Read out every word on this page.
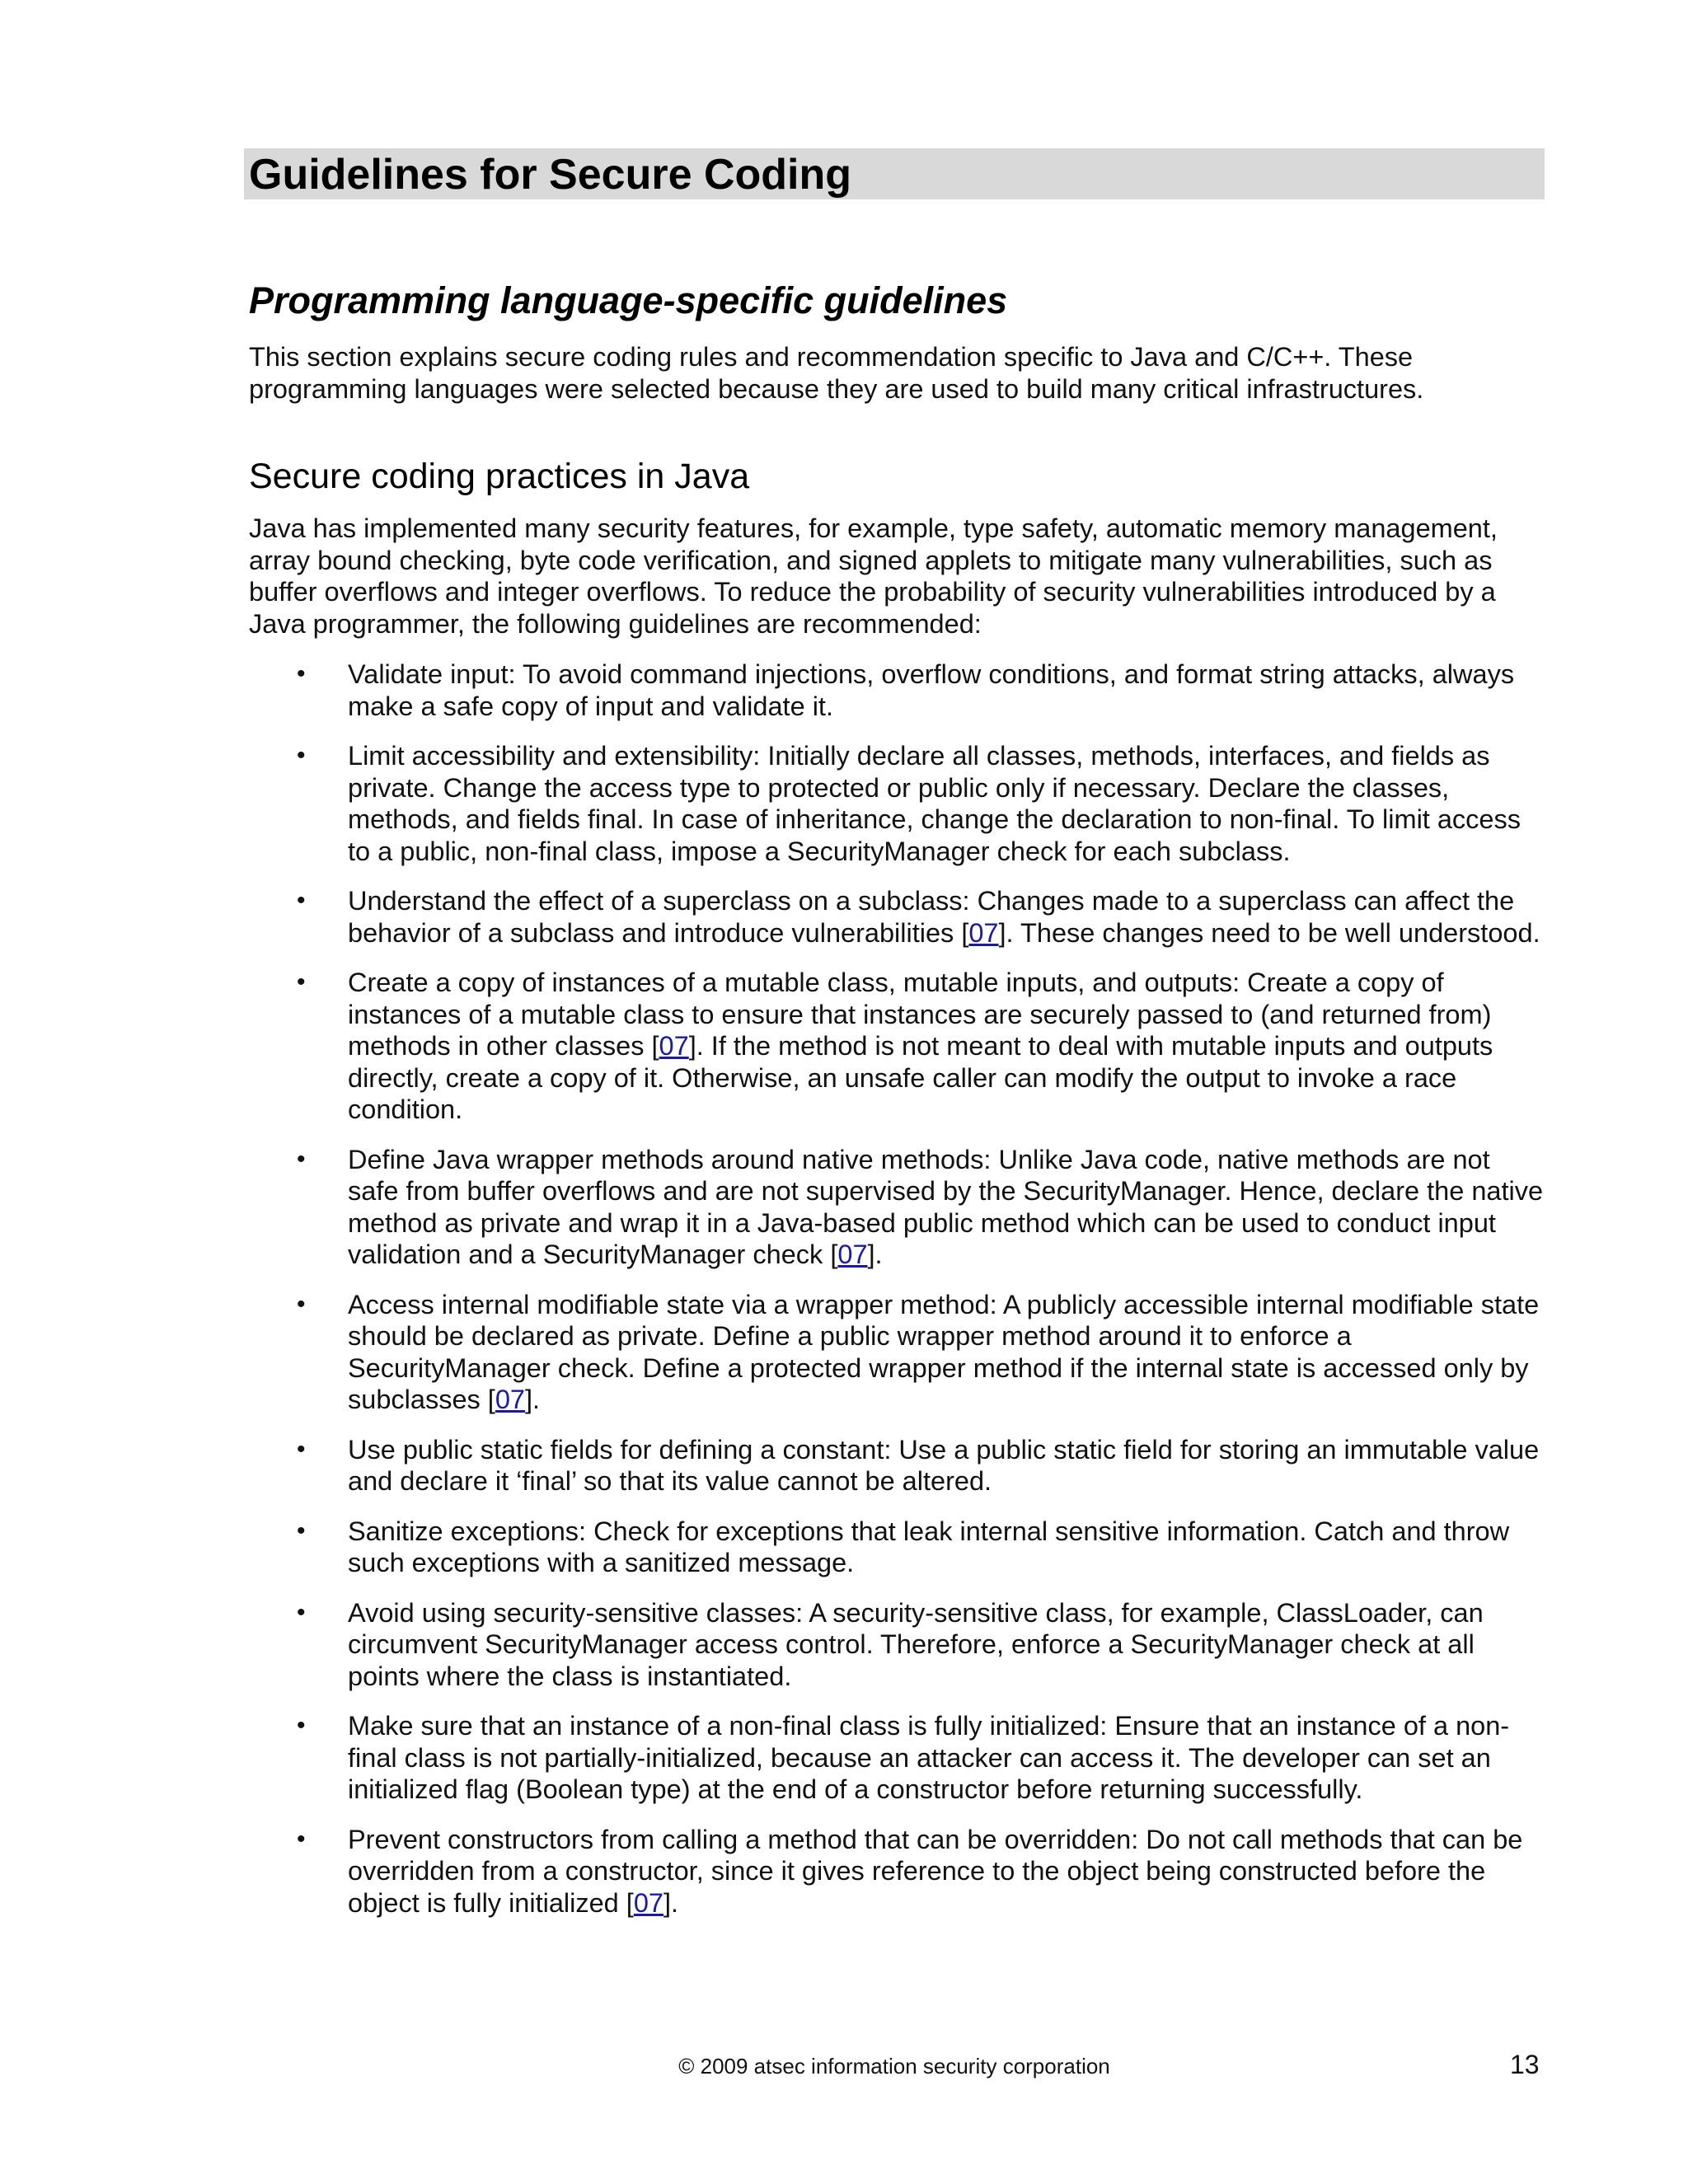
Guidelines for Secure Coding
Programming language-specific guidelines

This section explains secure coding rules and recommendation specific to Java and C/C++. These programming languages were selected because they are used to build many critical infrastructures.

Secure coding practices in Java

Java has implemented many security features, for example, type safety, automatic memory management, array bound checking, byte code verification, and signed applets to mitigate many vulnerabilities, such as buffer overflows and integer overflows. To reduce the probability of security vulnerabilities introduced by a Java programmer, the following guidelines are recommended:

• Validate input: To avoid command injections, overflow conditions, and format string attacks, always make a safe copy of input and validate it.
• Limit accessibility and extensibility: Initially declare all classes, methods, interfaces, and fields as private. Change the access type to protected or public only if necessary. Declare the classes, methods, and fields final. In case of inheritance, change the declaration to non-final. To limit access to a public, non-final class, impose a SecurityManager check for each subclass.
• Understand the effect of a superclass on a subclass: Changes made to a superclass can affect the behavior of a subclass and introduce vulnerabilities [07]. These changes need to be well understood.
• Create a copy of instances of a mutable class, mutable inputs, and outputs: Create a copy of instances of a mutable class to ensure that instances are securely passed to (and returned from) methods in other classes [07]. If the method is not meant to deal with mutable inputs and outputs directly, create a copy of it. Otherwise, an unsafe caller can modify the output to invoke a race condition.
• Define Java wrapper methods around native methods: Unlike Java code, native methods are not safe from buffer overflows and are not supervised by the SecurityManager. Hence, declare the native method as private and wrap it in a Java-based public method which can be used to conduct input validation and a SecurityManager check [07].
• Access internal modifiable state via a wrapper method: A publicly accessible internal modifiable state should be declared as private. Define a public wrapper method around it to enforce a SecurityManager check. Define a protected wrapper method if the internal state is accessed only by subclasses [07].
• Use public static fields for defining a constant: Use a public static field for storing an immutable value and declare it ‘final’ so that its value cannot be altered.
• Sanitize exceptions: Check for exceptions that leak internal sensitive information. Catch and throw such exceptions with a sanitized message.
• Avoid using security-sensitive classes: A security-sensitive class, for example, ClassLoader, can circumvent SecurityManager access control. Therefore, enforce a SecurityManager check at all points where the class is instantiated.
• Make sure that an instance of a non-final class is fully initialized: Ensure that an instance of a non-final class is not partially-initialized, because an attacker can access it. The developer can set an initialized flag (Boolean type) at the end of a constructor before returning successfully.
• Prevent constructors from calling a method that can be overridden: Do not call methods that can be overridden from a constructor, since it gives reference to the object being constructed before the object is fully initialized [07].
© 2009 atsec information security corporation	13
